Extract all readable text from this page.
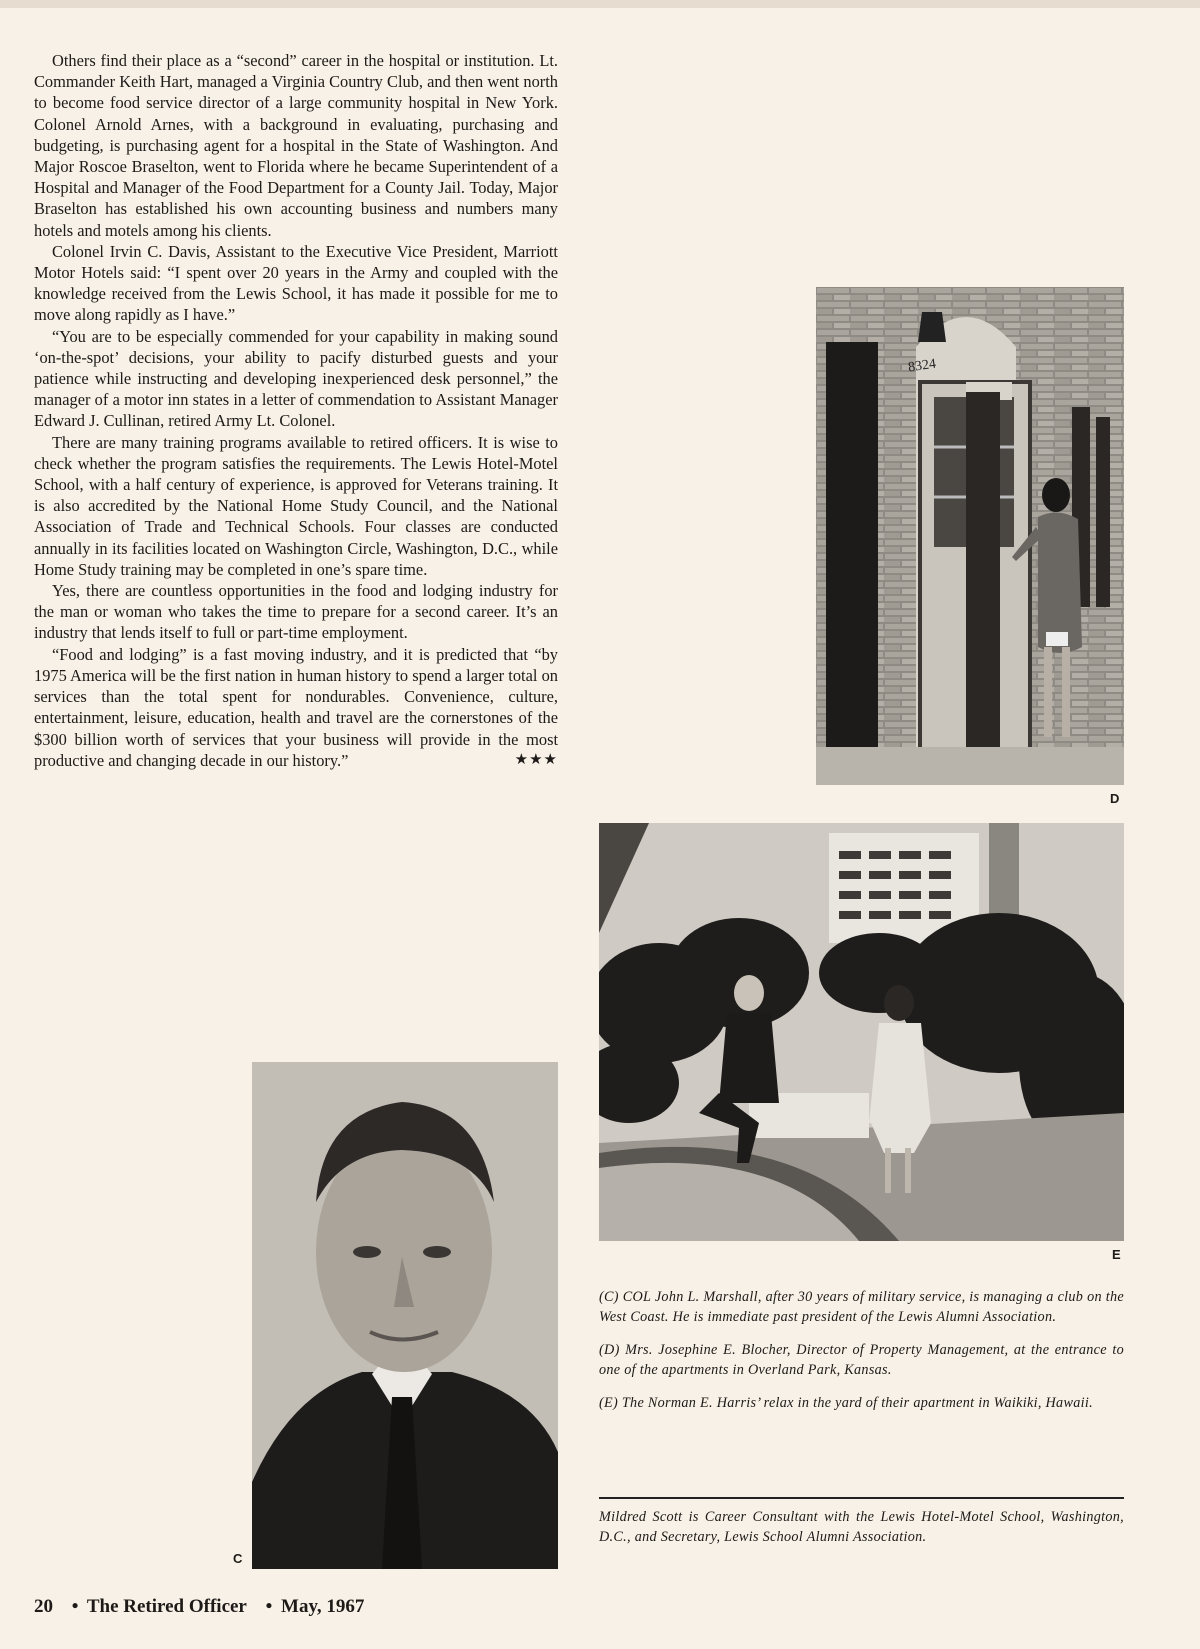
Others find their place as a “second” career in the hospital or institution. Lt. Commander Keith Hart, managed a Virginia Country Club, and then went north to become food service director of a large community hospital in New York. Colonel Arnold Arnes, with a background in evaluating, purchasing and budgeting, is purchasing agent for a hospital in the State of Washington. And Major Roscoe Braselton, went to Florida where he became Superintendent of a Hospital and Manager of the Food Department for a County Jail. Today, Major Braselton has established his own accounting business and numbers many hotels and motels among his clients.

Colonel Irvin C. Davis, Assistant to the Executive Vice President, Marriott Motor Hotels said: “I spent over 20 years in the Army and coupled with the knowledge received from the Lewis School, it has made it possible for me to move along rapidly as I have.”

“You are to be especially commended for your capability in making sound ‘on-the-spot’ decisions, your ability to pacify disturbed guests and your patience while instructing and developing inexperienced desk personnel,” the manager of a motor inn states in a letter of commendation to Assistant Manager Edward J. Cullinan, retired Army Lt. Colonel.

There are many training programs available to retired officers. It is wise to check whether the program satisfies the requirements. The Lewis Hotel-Motel School, with a half century of experience, is approved for Veterans training. It is also accredited by the National Home Study Council, and the National Association of Trade and Technical Schools. Four classes are conducted annually in its facilities located on Washington Circle, Washington, D.C., while Home Study training may be completed in one’s spare time.

Yes, there are countless opportunities in the food and lodging industry for the man or woman who takes the time to prepare for a second career. It’s an industry that lends itself to full or part-time employment.

“Food and lodging” is a fast moving industry, and it is predicted that “by 1975 America will be the first nation in human history to spend a larger total on services than the total spent for nondurables. Convenience, culture, entertainment, leisure, education, health and travel are the cornerstones of the $300 billion worth of services that your business will provide in the most productive and changing decade in our history.”	★★★

8324
D
E
C

(C) COL John L. Marshall, after 30 years of military service, is managing a club on the West Coast. He is immediate past president of the Lewis Alumni Association.

(D) Mrs. Josephine E. Blocher, Director of Property Management, at the entrance to one of the apartments in Overland Park, Kansas.

(E) The Norman E. Harris’ relax in the yard of their apartment in Waikiki, Hawaii.

Mildred Scott is Career Consultant with the Lewis Hotel-Motel School, Washington, D.C., and Secretary, Lewis School Alumni Association.
20 • The Retired Officer • May, 1967
